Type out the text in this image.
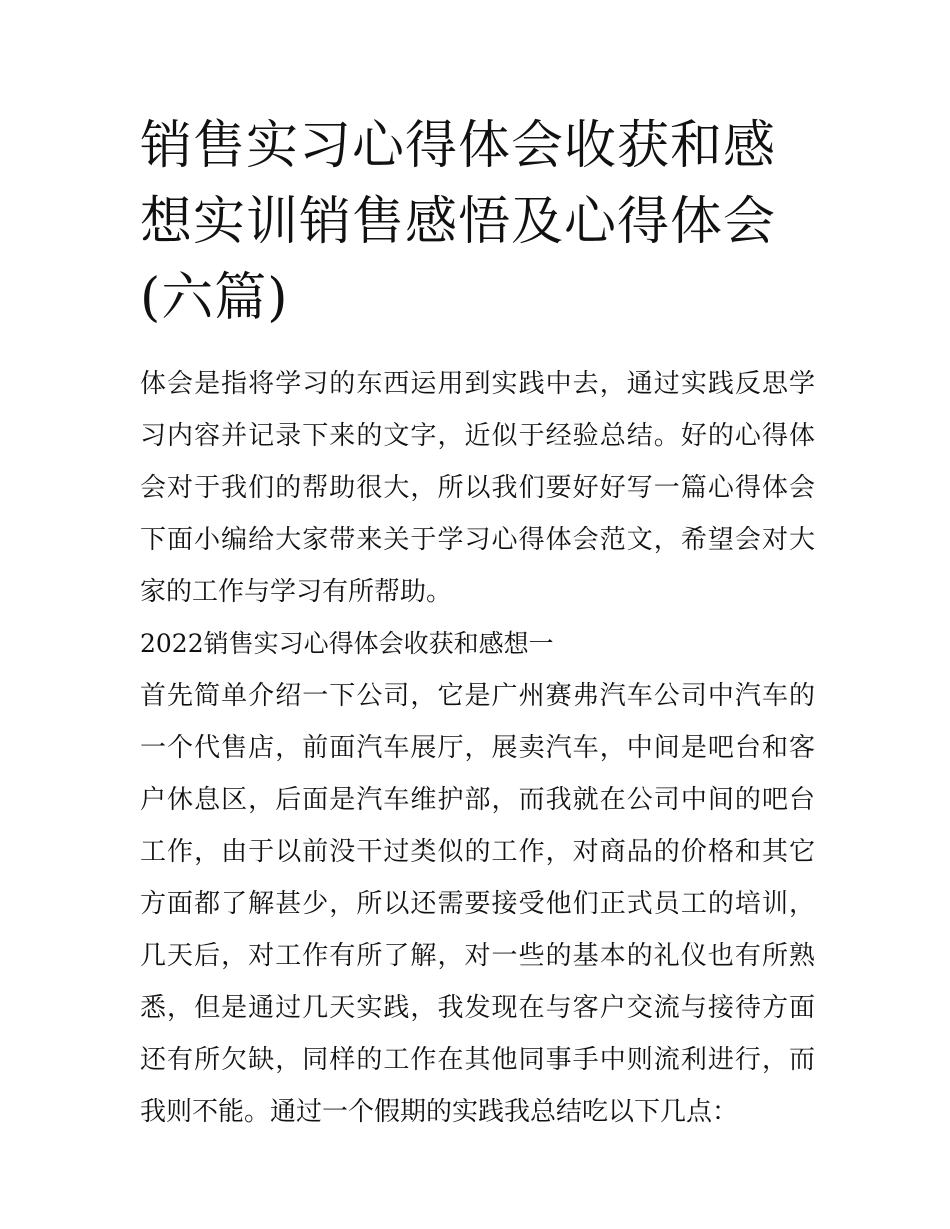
销售实习心得体会收获和感想实训销售感悟及心得体会(六篇)

体会是指将学习的东西运用到实践中去，通过实践反思学习内容并记录下来的文字，近似于经验总结。好的心得体会对于我们的帮助很大，所以我们要好好写一篇心得体会下面小编给大家带来关于学习心得体会范文，希望会对大家的工作与学习有所帮助。

2022销售实习心得体会收获和感想一

首先简单介绍一下公司，它是广州赛弗汽车公司中汽车的一个代售店，前面汽车展厅，展卖汽车，中间是吧台和客户休息区，后面是汽车维护部，而我就在公司中间的吧台工作，由于以前没干过类似的工作，对商品的价格和其它方面都了解甚少，所以还需要接受他们正式员工的培训，几天后，对工作有所了解，对一些的基本的礼仪也有所熟悉，但是通过几天实践，我发现在与客户交流与接待方面还有所欠缺，同样的工作在其他同事手中则流利进行，而我则不能。通过一个假期的实践我总结吃以下几点：
